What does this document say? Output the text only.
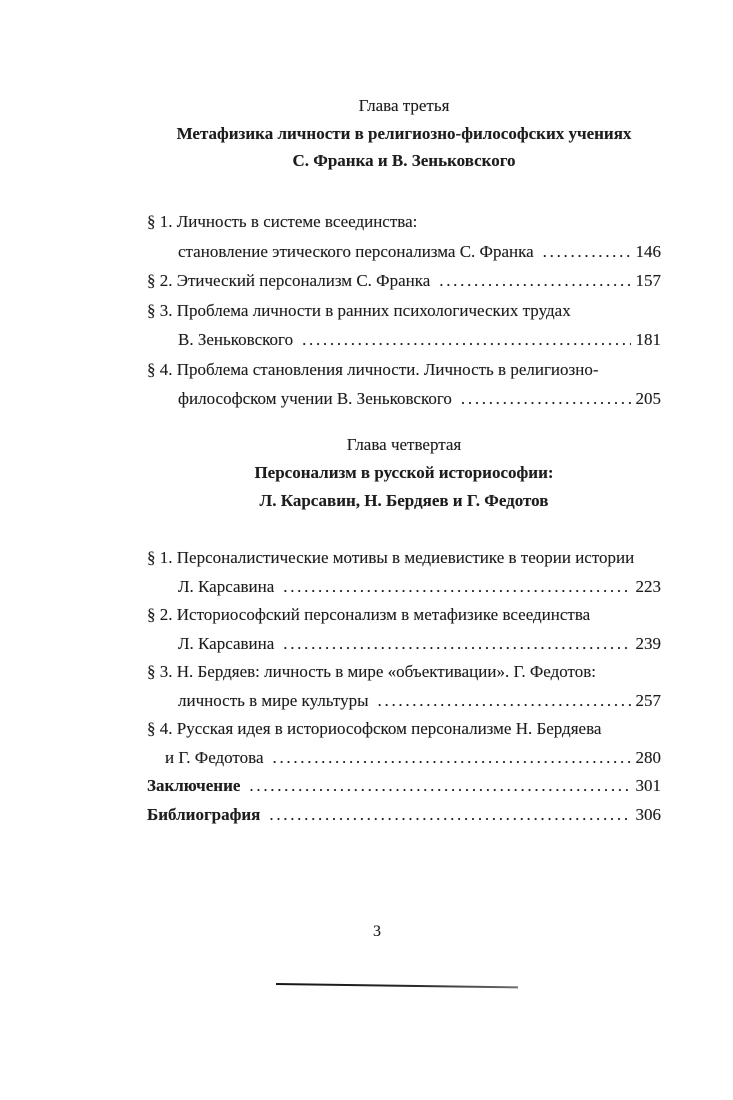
Глава третья
Метафизика личности в религиозно-философских учениях
С. Франка и В. Зеньковского
§ 1. Личность в системе всеединства:
становление этического персонализма С. Франка .....	146
§ 2. Этический персонализм С. Франка .....	157
§ 3. Проблема личности в ранних психологических трудах
В. Зеньковского .....	181
§ 4. Проблема становления личности. Личность в религиозно-
философском учении В. Зеньковского .....	205
Глава четвертая
Персонализм в русской историософии:
Л. Карсавин, Н. Бердяев и Г. Федотов
§ 1. Персоналистические мотивы в медиевистике в теории истории
Л. Карсавина .....	223
§ 2. Историософский персонализм в метафизике всеединства
Л. Карсавина .....	239
§ 3. Н. Бердяев: личность в мире «объективации». Г. Федотов:
личность в мире культуры .....	257
§ 4. Русская идея в историософском персонализме Н. Бердяева
и Г. Федотова .....	280
Заключение .....	301
Библиография .....	306
3
